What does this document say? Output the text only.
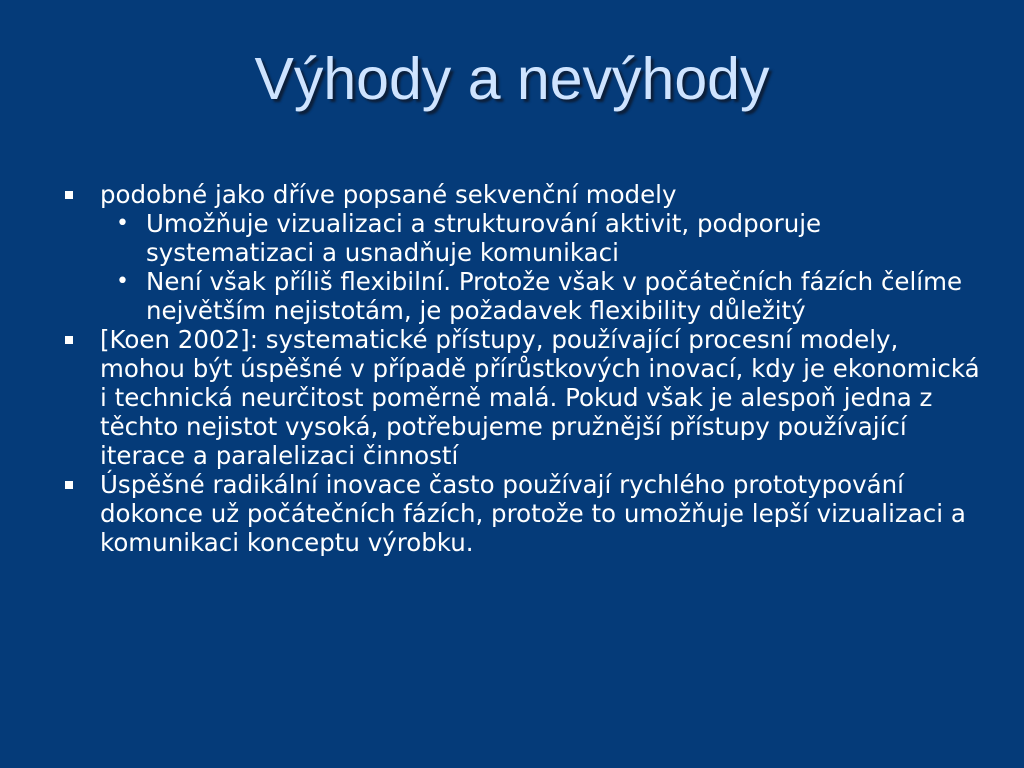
Výhody a nevýhody
podobné jako dříve popsané sekvenční modely
• Umožňuje vizualizaci a strukturování aktivit, podporuje systematizaci a usnadňuje komunikaci
• Není však příliš flexibilní. Protože však v počátečních fázích čelíme největším nejistotám, je požadavek flexibility důležitý
[Koen 2002]: systematické přístupy, používající procesní modely, mohou být úspěšné v případě přírůstkových inovací, kdy je ekonomická i technická neurčitost poměrně malá. Pokud však je alespoň jedna z těchto nejistot vysoká, potřebujeme pružnější přístupy používající iterace a paralelizaci činností
Úspěšné radikální inovace často používají rychlého prototypování dokonce už počátečních fázích, protože to umožňuje lepší vizualizaci a komunikaci konceptu výrobku.
